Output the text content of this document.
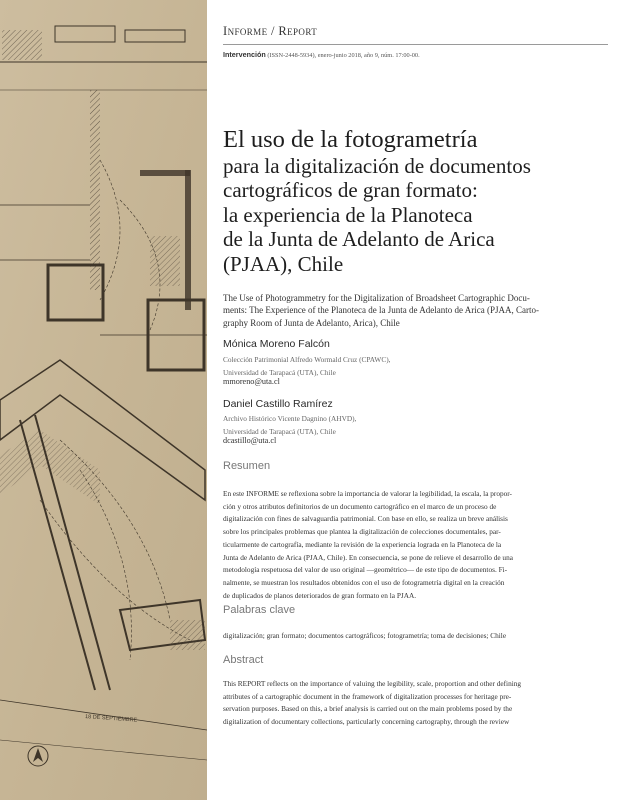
18 DE SEPTIEMBRE
Informe / Report
Intervención (ISSN-2448-5934), enero-junio 2018, año 9, núm. 17:00-00.
El uso de la fotogrametría
para la digitalización de documentos
cartográficos de gran formato:
la experiencia de la Planoteca
de la Junta de Adelanto de Arica
(PJAA), Chile
The Use of Photogrammetry for the Digitalization of Broadsheet Cartographic Docu-
ments: The Experience of the Planoteca de la Junta de Adelanto de Arica (PJAA, Carto-
graphy Room of Junta de Adelanto, Arica), Chile
Mónica Moreno Falcón
Colección Patrimonial Alfredo Wormald Cruz (CPAWC),
Universidad de Tarapacá (UTA), Chile
mmoreno@uta.cl
Daniel Castillo Ramírez
Archivo Histórico Vicente Dagnino (AHVD),
Universidad de Tarapacá (UTA), Chile
dcastillo@uta.cl
Resumen

En este INFORME se reflexiona sobre la importancia de valorar la legibilidad, la escala, la propor-

ción y otros atributos definitorios de un documento cartográfico en el marco de un proceso de

digitalización con fines de salvaguardia patrimonial. Con base en ello, se realiza un breve análisis

sobre los principales problemas que plantea la digitalización de colecciones documentales, par-

ticularmente de cartografía, mediante la revisión de la experiencia lograda en la Planoteca de la

Junta de Adelanto de Arica (PJAA, Chile). En consecuencia, se pone de relieve el desarrollo de una

metodología respetuosa del valor de uso original —geométrico— de este tipo de documentos. Fi-

nalmente, se muestran los resultados obtenidos con el uso de fotogrametría digital en la creación

de duplicados de planos deteriorados de gran formato en la PJAA.

Palabras clave
digitalización; gran formato; documentos cartográficos; fotogrametría; toma de decisiones; Chile
Abstract

This REPORT reflects on the importance of valuing the legibility, scale, proportion and other defining

attributes of a cartographic document in the framework of digitalization processes for heritage pre-

servation purposes. Based on this, a brief analysis is carried out on the main problems posed by the

digitalization of documentary collections, particularly concerning cartography, through the review
